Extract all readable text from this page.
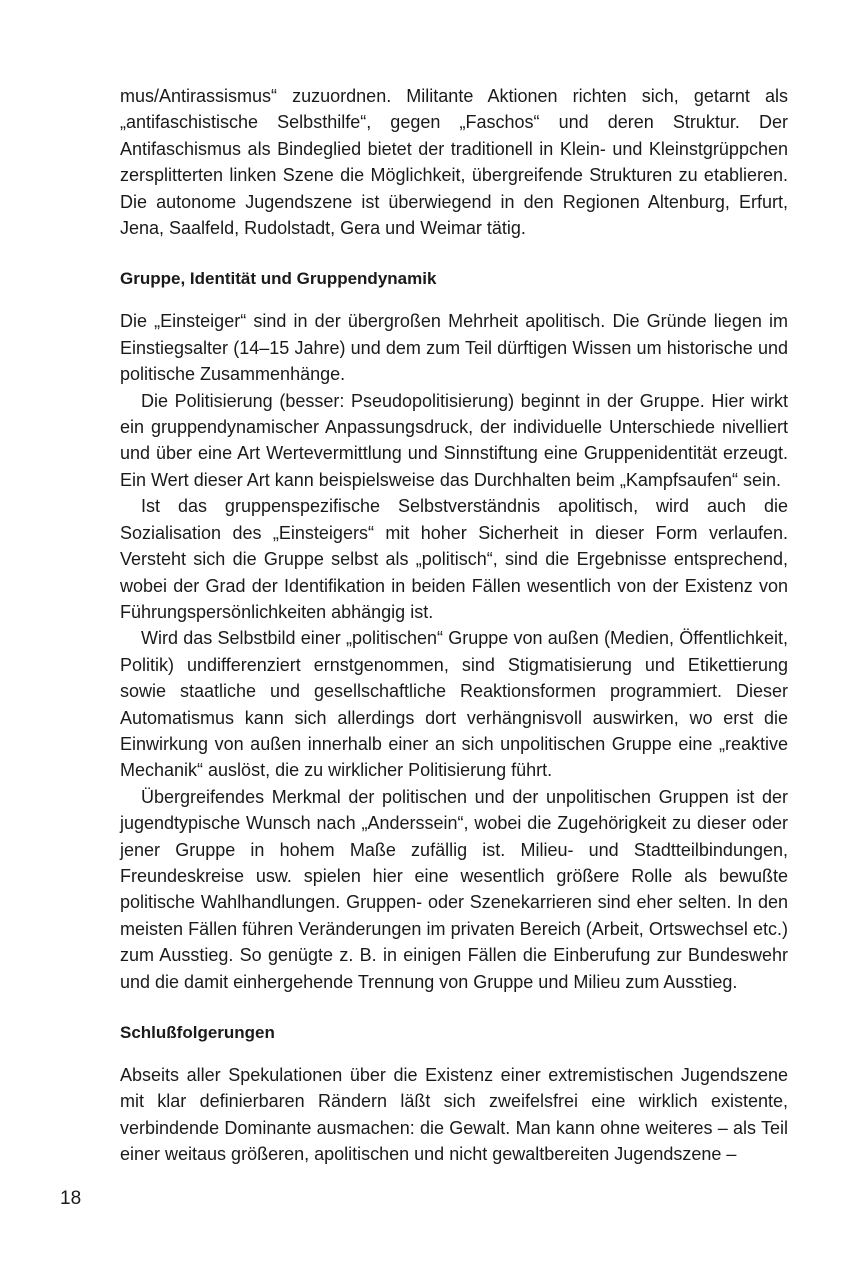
mus/Antirassismus“ zuzuordnen. Militante Aktionen richten sich, getarnt als „antifaschistische Selbsthilfe“, gegen „Faschos“ und deren Struktur. Der Antifaschismus als Bindeglied bietet der traditionell in Klein- und Kleinstgrüppchen zersplitterten linken Szene die Möglichkeit, übergreifende Strukturen zu etablieren. Die autonome Jugendszene ist überwiegend in den Regionen Altenburg, Erfurt, Jena, Saalfeld, Rudolstadt, Gera und Weimar tätig.

Gruppe, Identität und Gruppendynamik

Die „Einsteiger“ sind in der übergroßen Mehrheit apolitisch. Die Gründe liegen im Einstiegsalter (14–15 Jahre) und dem zum Teil dürftigen Wissen um historische und politische Zusammenhänge.

Die Politisierung (besser: Pseudopolitisierung) beginnt in der Gruppe. Hier wirkt ein gruppendynamischer Anpassungsdruck, der individuelle Unterschiede nivelliert und über eine Art Wertevermittlung und Sinnstiftung eine Gruppenidentität erzeugt. Ein Wert dieser Art kann beispielsweise das Durchhalten beim „Kampfsaufen“ sein.

Ist das gruppenspezifische Selbstverständnis apolitisch, wird auch die Sozialisation des „Einsteigers“ mit hoher Sicherheit in dieser Form verlaufen. Versteht sich die Gruppe selbst als „politisch“, sind die Ergebnisse entsprechend, wobei der Grad der Identifikation in beiden Fällen wesentlich von der Existenz von Führungspersönlichkeiten abhängig ist.

Wird das Selbstbild einer „politischen“ Gruppe von außen (Medien, Öffentlichkeit, Politik) undifferenziert ernstgenommen, sind Stigmatisierung und Etikettierung sowie staatliche und gesellschaftliche Reaktionsformen programmiert. Dieser Automatismus kann sich allerdings dort verhängnisvoll auswirken, wo erst die Einwirkung von außen innerhalb einer an sich unpolitischen Gruppe eine „reaktive Mechanik“ auslöst, die zu wirklicher Politisierung führt.

Übergreifendes Merkmal der politischen und der unpolitischen Gruppen ist der jugendtypische Wunsch nach „Anderssein“, wobei die Zugehörigkeit zu dieser oder jener Gruppe in hohem Maße zufällig ist. Milieu- und Stadtteilbindungen, Freundeskreise usw. spielen hier eine wesentlich größere Rolle als bewußte politische Wahlhandlungen. Gruppen- oder Szenekarrieren sind eher selten. In den meisten Fällen führen Veränderungen im privaten Bereich (Arbeit, Ortswechsel etc.) zum Ausstieg. So genügte z. B. in einigen Fällen die Einberufung zur Bundeswehr und die damit einhergehende Trennung von Gruppe und Milieu zum Ausstieg.

Schlußfolgerungen

Abseits aller Spekulationen über die Existenz einer extremistischen Jugendszene mit klar definierbaren Rändern läßt sich zweifelsfrei eine wirklich existente, verbindende Dominante ausmachen: die Gewalt. Man kann ohne weiteres – als Teil einer weitaus größeren, apolitischen und nicht gewaltbereiten Jugendszene –

18
